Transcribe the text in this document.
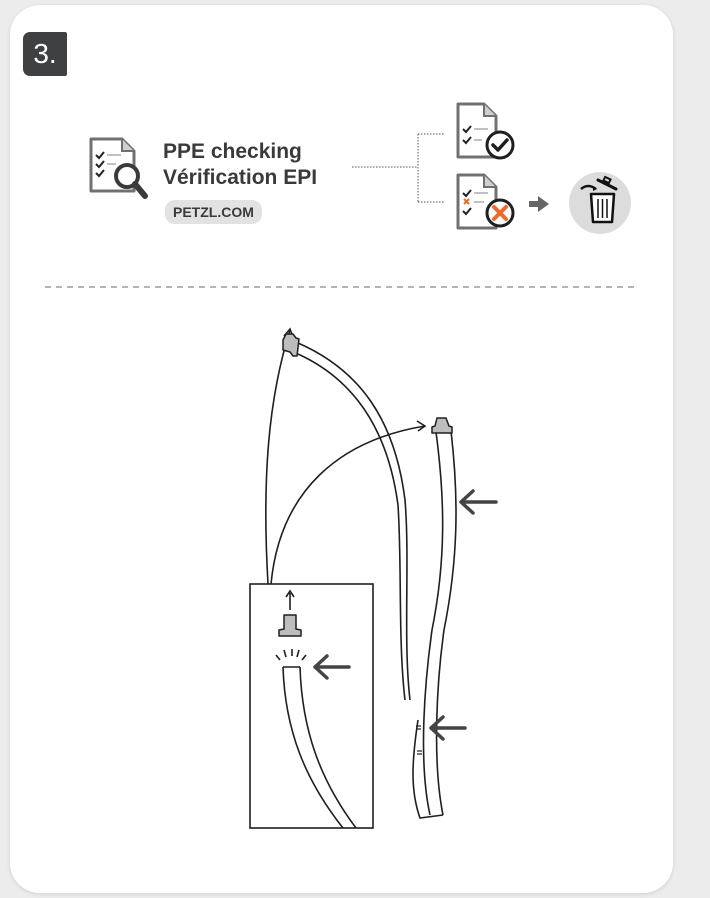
3.
PPE checking
Vérification EPI
PETZL.COM
